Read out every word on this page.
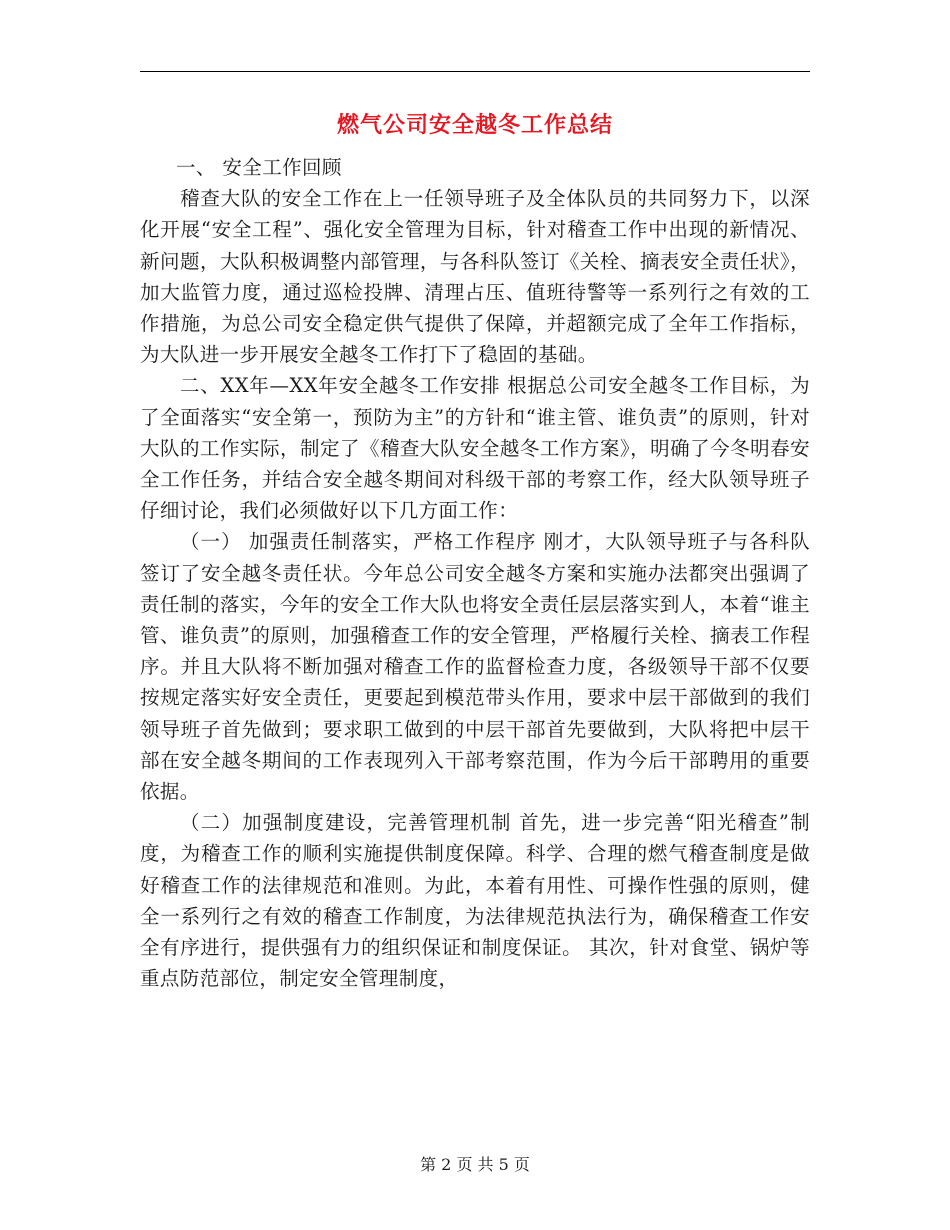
燃气公司安全越冬工作总结

一、 安全工作回顾

稽查大队的安全工作在上一任领导班子及全体队员的共同努力下，以深化开展“安全工程”、强化安全管理为目标，针对稽查工作中出现的新情况、新问题，大队积极调整内部管理，与各科队签订《关栓、摘表安全责任状》，加大监管力度，通过巡检投牌、清理占压、值班待警等一系列行之有效的工作措施，为总公司安全稳定供气提供了保障，并超额完成了全年工作指标，为大队进一步开展安全越冬工作打下了稳固的基础。

二、XX年—XX年安全越冬工作安排 根据总公司安全越冬工作目标，为了全面落实“安全第一，预防为主”的方针和“谁主管、谁负责”的原则，针对大队的工作实际，制定了《稽查大队安全越冬工作方案》，明确了今冬明春安全工作任务，并结合安全越冬期间对科级干部的考察工作，经大队领导班子仔细讨论，我们必须做好以下几方面工作：

（一） 加强责任制落实，严格工作程序 刚才，大队领导班子与各科队签订了安全越冬责任状。今年总公司安全越冬方案和实施办法都突出强调了责任制的落实，今年的安全工作大队也将安全责任层层落实到人，本着“谁主管、谁负责”的原则，加强稽查工作的安全管理，严格履行关栓、摘表工作程序。并且大队将不断加强对稽查工作的监督检查力度，各级领导干部不仅要按规定落实好安全责任，更要起到模范带头作用，要求中层干部做到的我们领导班子首先做到；要求职工做到的中层干部首先要做到，大队将把中层干部在安全越冬期间的工作表现列入干部考察范围，作为今后干部聘用的重要依据。

（二）加强制度建设，完善管理机制 首先，进一步完善“阳光稽查”制度，为稽查工作的顺利实施提供制度保障。科学、合理的燃气稽查制度是做好稽查工作的法律规范和准则。为此，本着有用性、可操作性强的原则，健全一系列行之有效的稽查工作制度，为法律规范执法行为，确保稽查工作安全有序进行，提供强有力的组织保证和制度保证。 其次，针对食堂、锅炉等重点防范部位，制定安全管理制度，

第 2 页 共 5 页
